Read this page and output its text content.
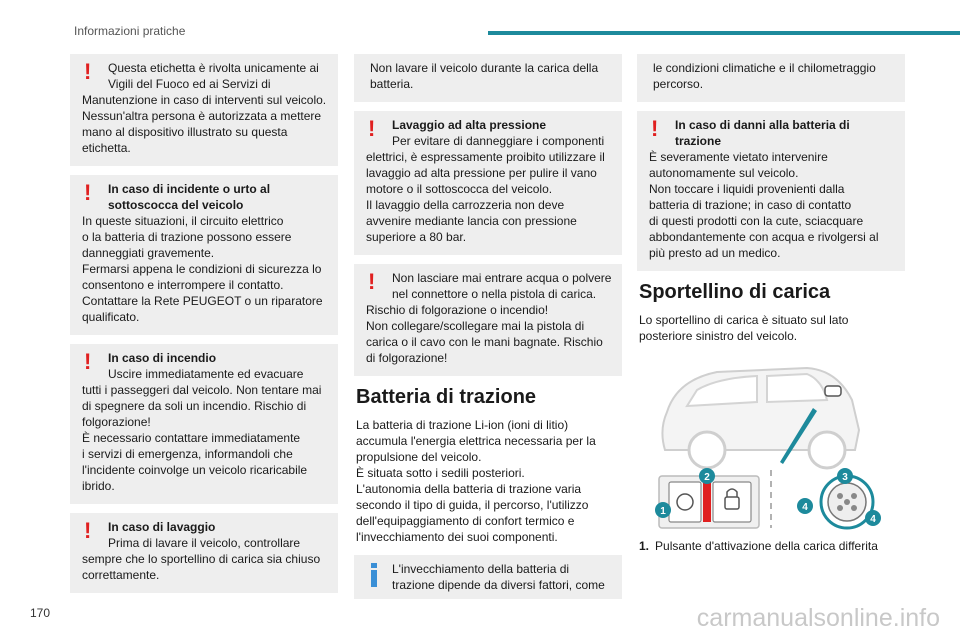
Informazioni pratiche
!	Questa etichetta è rivolta unicamente ai

Vigili del Fuoco ed ai Servizi di

Manutenzione in caso di interventi sul veicolo.

Nessun'altra persona è autorizzata a mettere

mano al dispositivo illustrato su questa

etichetta.

!	In caso di incidente o urto al

sottoscocca del veicolo

In queste situazioni, il circuito elettrico

o la batteria di trazione possono essere

danneggiati gravemente.

Fermarsi appena le condizioni di sicurezza lo

consentono e interrompere il contatto.

Contattare la Rete PEUGEOT o un riparatore

qualificato.

!	In caso di incendio

Uscire immediatamente ed evacuare

tutti i passeggeri dal veicolo. Non tentare mai

di spegnere da soli un incendio. Rischio di

folgorazione!

È necessario contattare immediatamente

i servizi di emergenza, informandoli che

l'incidente coinvolge un veicolo ricaricabile

ibrido.

!	In caso di lavaggio

Prima di lavare il veicolo, controllare

sempre che lo sportellino di carica sia chiuso

correttamente.

Non lavare il veicolo durante la carica della

batteria.

!	Lavaggio ad alta pressione

Per evitare di danneggiare i componenti

elettrici, è espressamente proibito utilizzare il

lavaggio ad alta pressione per pulire il vano

motore o il sottoscocca del veicolo.

Il lavaggio della carrozzeria non deve

avvenire mediante lancia con pressione

superiore a 80 bar.

!	Non lasciare mai entrare acqua o polvere

nel connettore o nella pistola di carica.

Rischio di folgorazione o incendio!

Non collegare/scollegare mai la pistola di

carica o il cavo con le mani bagnate. Rischio

di folgorazione!

Batteria di trazione

La batteria di trazione Li-ion (ioni di litio)

accumula l'energia elettrica necessaria per la

propulsione del veicolo.

È situata sotto i sedili posteriori.

L'autonomia della batteria di trazione varia

secondo il tipo di guida, il percorso, l'utilizzo

dell'equipaggiamento di confort termico e

l'invecchiamento dei suoi componenti.

L'invecchiamento della batteria di

trazione dipende da diversi fattori, come

le condizioni climatiche e il chilometraggio

percorso.

!	In caso di danni alla batteria di

trazione

È severamente vietato intervenire

autonomamente sul veicolo.

Non toccare i liquidi provenienti dalla

batteria di trazione; in caso di contatto

di questi prodotti con la cute, sciacquare

abbondantemente con acqua e rivolgersi al

più presto ad un medico.

Sportellino di carica

Lo sportellino di carica è situato sul lato

posteriore sinistro del veicolo.

1
2	3
4
4
1. Pulsante d'attivazione della carica differita
170	carmanualsonline.info
